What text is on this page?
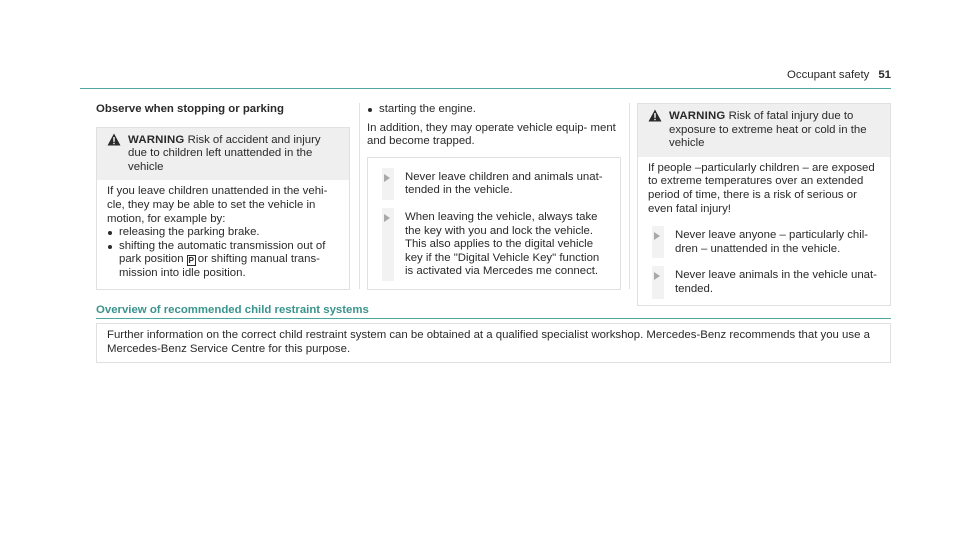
Occupant safety 51
Observe when stopping or parking
WARNING Risk of accident and injury due to children left unattended in the vehicle
If you leave children unattended in the vehi- cle, they may be able to set the vehicle in motion, for example by:
releasing the parking brake.
shifting the automatic transmission out of park position P or shifting manual trans- mission into idle position.
starting the engine.
In addition, they may operate vehicle equip- ment and become trapped.
Never leave children and animals unat- tended in the vehicle.
When leaving the vehicle, always take the key with you and lock the vehicle. This also applies to the digital vehicle key if the "Digital Vehicle Key" function is activated via Mercedes me connect.
WARNING Risk of fatal injury due to exposure to extreme heat or cold in the vehicle
If people –particularly children – are exposed to extreme temperatures over an extended period of time, there is a risk of serious or even fatal injury!
Never leave anyone – particularly chil- dren – unattended in the vehicle.
Never leave animals in the vehicle unat- tended.
Overview of recommended child restraint systems
Further information on the correct child restraint system can be obtained at a qualified specialist workshop. Mercedes-Benz recommends that you use a Mercedes-Benz Service Centre for this purpose.
